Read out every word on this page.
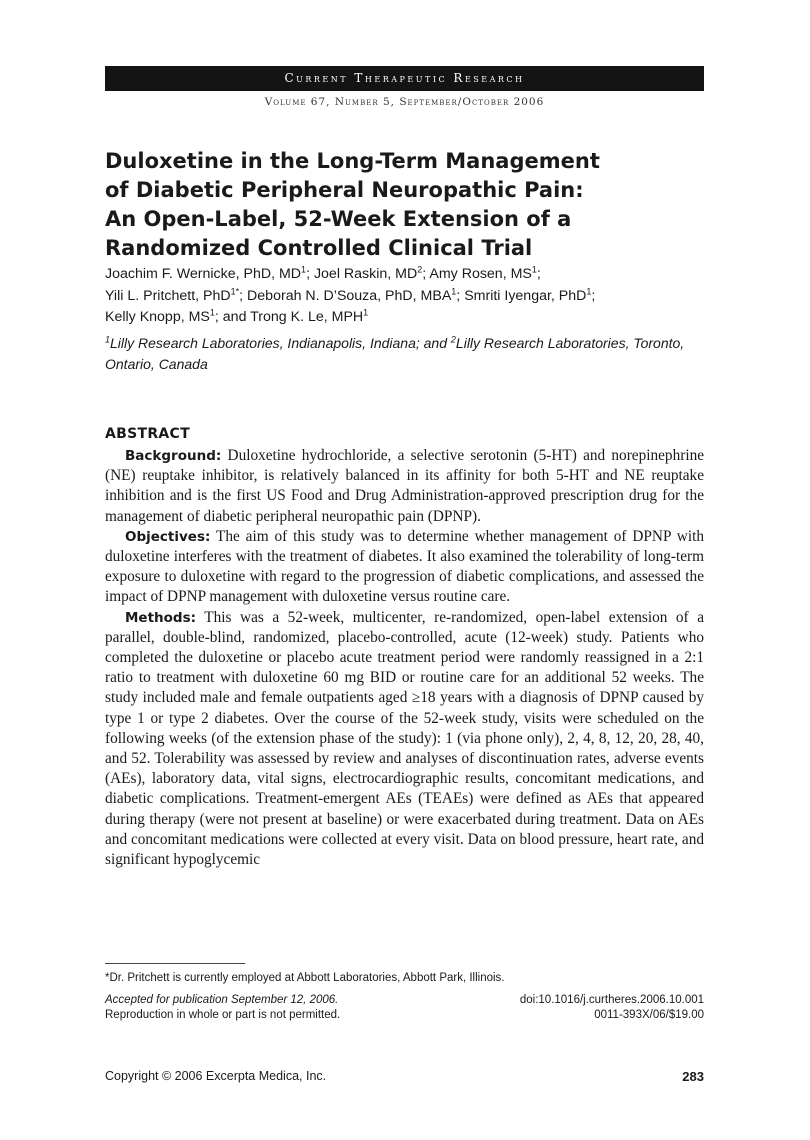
Current Therapeutic Research
Volume 67, Number 5, September/October 2006
Duloxetine in the Long-Term Management
of Diabetic Peripheral Neuropathic Pain:
An Open-Label, 52-Week Extension of a
Randomized Controlled Clinical Trial
Joachim F. Wernicke, PhD, $MD^1$; Joel Raskin, $MD^2$; Amy Rosen, $MS^1$;
Yili L. Pritchett, PhD$^{1*}$; Deborah N. D’Souza, PhD, MBA$^1$; Smriti Iyengar, PhD$^1$;
Kelly Knopp, $MS^1$; and Trong K. Le, MPH$^1$
$^1$Lilly Research Laboratories, Indianapolis, Indiana; and $^2$Lilly Research Laboratories, Toronto, Ontario, Canada
ABSTRACT

Background: Duloxetine hydrochloride, a selective serotonin (5-HT) and norepinephrine (NE) reuptake inhibitor, is relatively balanced in its affinity for both 5-HT and NE reuptake inhibition and is the first US Food and Drug Administration-approved prescription drug for the management of diabetic peripheral neuropathic pain (DPNP).

Objectives: The aim of this study was to determine whether management of DPNP with duloxetine interferes with the treatment of diabetes. It also examined the tolerability of long-term exposure to duloxetine with regard to the progression of diabetic complications, and assessed the impact of DPNP management with duloxetine versus routine care.

Methods: This was a 52-week, multicenter, re-randomized, open-label extension of a parallel, double-blind, randomized, placebo-controlled, acute (12-week) study. Patients who completed the duloxetine or placebo acute treatment period were randomly reassigned in a 2:1 ratio to treatment with duloxetine 60 mg BID or routine care for an additional 52 weeks. The study included male and female outpatients aged ≥18 years with a diagnosis of DPNP caused by type 1 or type 2 diabetes. Over the course of the 52-week study, visits were scheduled on the following weeks (of the extension phase of the study): 1 (via phone only), 2, 4, 8, 12, 20, 28, 40, and 52. Tolerability was assessed by review and analyses of discontinuation rates, adverse events (AEs), laboratory data, vital signs, electrocardiographic results, concomitant medications, and diabetic complications. Treatment-emergent AEs (TEAEs) were defined as AEs that appeared during therapy (were not present at baseline) or were exacerbated during treatment. Data on AEs and concomitant medications were collected at every visit. Data on blood pressure, heart rate, and significant hypoglycemic

*Dr. Pritchett is currently employed at Abbott Laboratories, Abbott Park, Illinois.
Accepted for publication September 12, 2006.	doi:10.1016/j.curtheres.2006.10.001
Reproduction in whole or part is not permitted.	0011-393X/06/$19.00
Copyright © 2006 Excerpta Medica, Inc.	283
